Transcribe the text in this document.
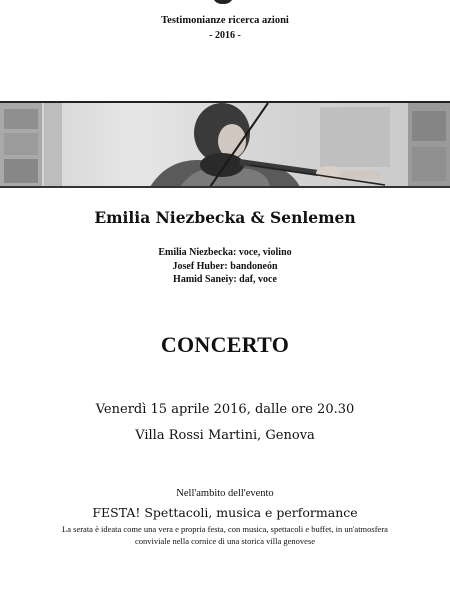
Testimonianze ricerca azioni
- 2016 -
Emilia Niezbecka & Senlemen
Emilia Niezbecka: voce, violino
Josef Huber: bandoneón
Hamid Saneiy: daf, voce
CONCERTO
Venerdì 15 aprile 2016, dalle ore 20.30
Villa Rossi Martini, Genova
Nell'ambito dell'evento
FESTA! Spettacoli, musica e performance
La serata è ideata come una vera e propria festa, con musica, spettacoli e buffet, in un'atmosfera conviviale nella cornice di una storica villa genovese
